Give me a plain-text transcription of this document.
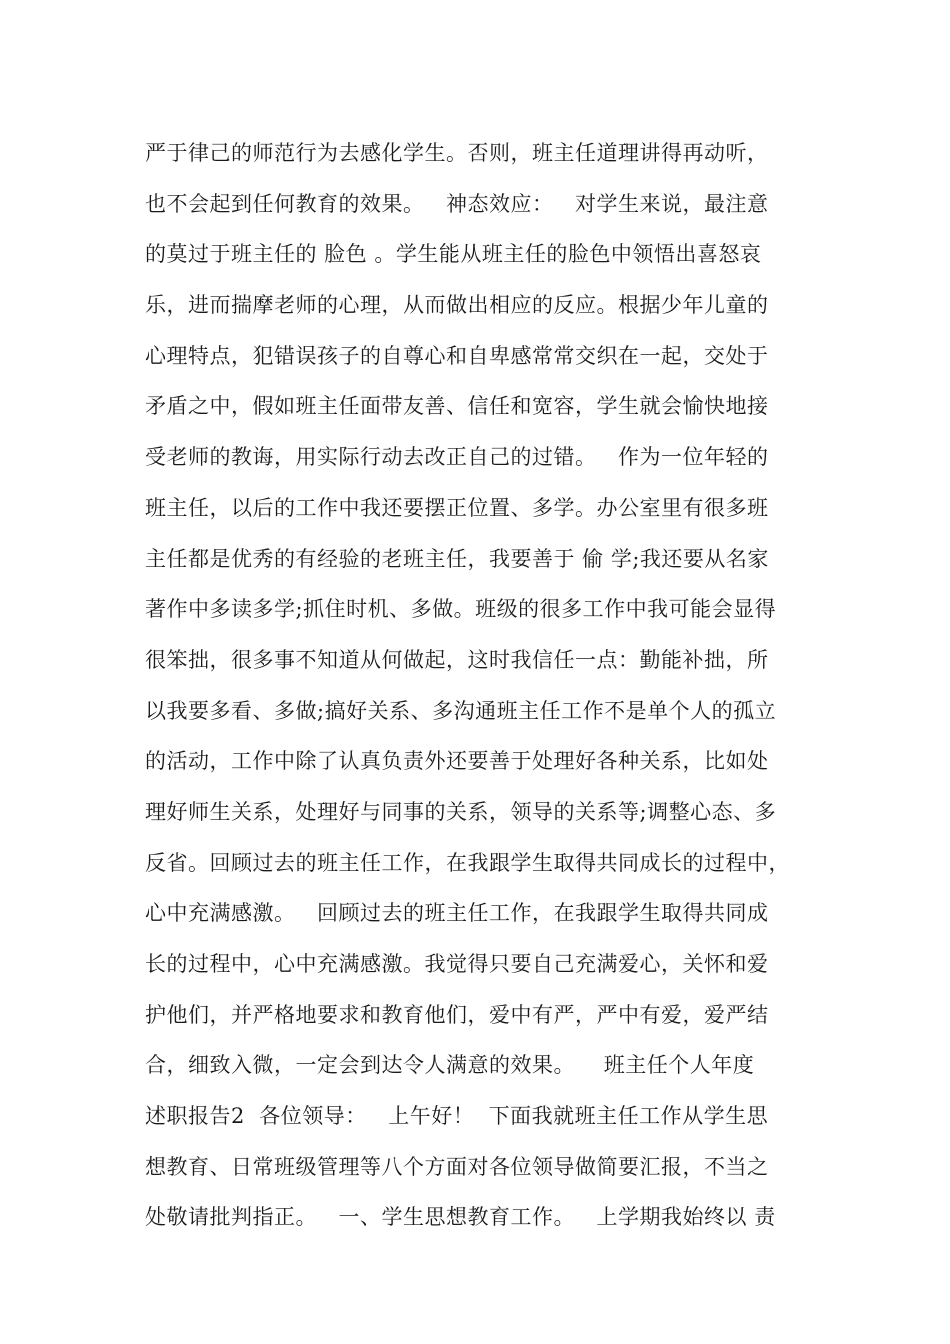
严于律己的师范行为去感化学生。否则，班主任道理讲得再动听，
也不会起到任何教育的效果。   神态效应：   对学生来说，最注意
的莫过于班主任的 脸色 。学生能从班主任的脸色中领悟出喜怒哀
乐，进而揣摩老师的心理，从而做出相应的反应。根据少年儿童的
心理特点，犯错误孩子的自尊心和自卑感常常交织在一起，交处于
矛盾之中，假如班主任面带友善、信任和宽容，学生就会愉快地接
受老师的教诲，用实际行动去改正自己的过错。   作为一位年轻的
班主任，以后的工作中我还要摆正位置、多学。办公室里有很多班
主任都是优秀的有经验的老班主任，我要善于 偷 学;我还要从名家
著作中多读多学;抓住时机、多做。班级的很多工作中我可能会显得
很笨拙，很多事不知道从何做起，这时我信任一点：勤能补拙，所
以我要多看、多做;搞好关系、多沟通班主任工作不是单个人的孤立
的活动，工作中除了认真负责外还要善于处理好各种关系，比如处
理好师生关系，处理好与同事的关系，领导的关系等;调整心态、多
反省。回顾过去的班主任工作，在我跟学生取得共同成长的过程中，
心中充满感激。   回顾过去的班主任工作，在我跟学生取得共同成
长的过程中，心中充满感激。我觉得只要自己充满爱心，关怀和爱
护他们，并严格地要求和教育他们，爱中有严，严中有爱，爱严结
合，细致入微，一定会到达令人满意的效果。    班主任个人年度
述职报告2  各位领导：   上午好！  下面我就班主任工作从学生思
想教育、日常班级管理等八个方面对各位领导做简要汇报，不当之
处敬请批判指正。   一、学生思想教育工作。   上学期我始终以 责
